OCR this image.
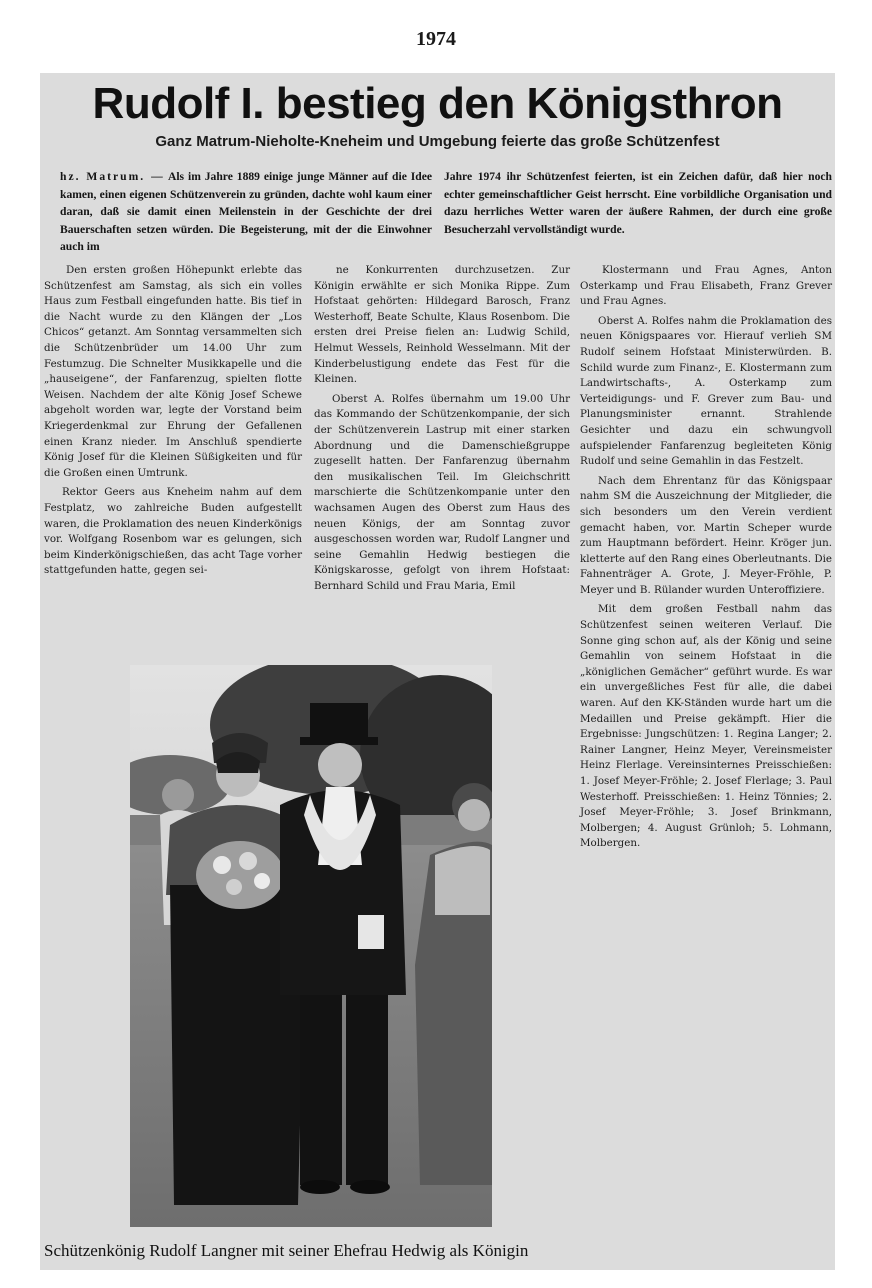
1974
Rudolf I. bestieg den Königsthron
Ganz Matrum-Nieholte-Kneheim und Umgebung feierte das große Schützenfest
hz. Matrum. — Als im Jahre 1889 einige junge Männer auf die Idee kamen, einen eigenen Schützenverein zu gründen, dachte wohl kaum einer daran, daß sie damit einen Meilenstein in der Geschichte der drei Bauerschaften setzen würden. Die Begeisterung, mit der die Einwohner auch im
Jahre 1974 ihr Schützenfest feierten, ist ein Zeichen dafür, daß hier noch echter gemeinschaftlicher Geist herrscht. Eine vorbildliche Organisation und dazu herrliches Wetter waren der äußere Rahmen, der durch eine große Besucherzahl vervollständigt wurde.

Den ersten großen Höhepunkt erlebte das Schützenfest am Samstag, als sich ein volles Haus zum Festball eingefunden hatte. Bis tief in die Nacht wurde zu den Klängen der „Los Chicos“ getanzt. Am Sonntag versammelten sich die Schützenbrüder um 14.00 Uhr zum Festumzug. Die Schnelter Musikkapelle und die „hauseigene“, der Fanfarenzug, spielten flotte Weisen. Nachdem der alte König Josef Schewe abgeholt worden war, legte der Vorstand beim Kriegerdenkmal zur Ehrung der Gefallenen einen Kranz nieder. Im Anschluß spendierte König Josef für die Kleinen Süßigkeiten und für die Großen einen Umtrunk.

Rektor Geers aus Kneheim nahm auf dem Festplatz, wo zahlreiche Buden aufgestellt waren, die Proklamation des neuen Kinderkönigs vor. Wolfgang Rosenbom war es gelungen, sich beim Kinderkönigschießen, das acht Tage vorher stattgefunden hatte, gegen sei-

ne Konkurrenten durchzusetzen. Zur Königin erwählte er sich Monika Rippe. Zum Hofstaat gehörten: Hildegard Barosch, Franz Westerhoff, Beate Schulte, Klaus Rosenbom. Die ersten drei Preise fielen an: Ludwig Schild, Helmut Wessels, Reinhold Wesselmann. Mit der Kinderbelustigung endete das Fest für die Kleinen.

Oberst A. Rolfes übernahm um 19.00 Uhr das Kommando der Schützenkompanie, der sich der Schützenverein Lastrup mit einer starken Abordnung und die Damenschießgruppe zugesellt hatten. Der Fanfarenzug übernahm den musikalischen Teil. Im Gleichschritt marschierte die Schützenkompanie unter den wachsamen Augen des Oberst zum Haus des neuen Königs, der am Sonntag zuvor ausgeschossen worden war, Rudolf Langner und seine Gemahlin Hedwig bestiegen die Königskarosse, gefolgt von ihrem Hofstaat: Bernhard Schild und Frau Maria, Emil

Klostermann und Frau Agnes, Anton Osterkamp und Frau Elisabeth, Franz Grever und Frau Agnes.

Oberst A. Rolfes nahm die Proklamation des neuen Königspaares vor. Hierauf verlieh SM Rudolf seinem Hofstaat Ministerwürden. B. Schild wurde zum Finanz-, E. Klostermann zum Landwirtschafts-, A. Osterkamp zum Verteidigungs- und F. Grever zum Bau- und Planungsminister ernannt. Strahlende Gesichter und dazu ein schwungvoll aufspielender Fanfarenzug begleiteten König Rudolf und seine Gemahlin in das Festzelt.

Nach dem Ehrentanz für das Königspaar nahm SM die Auszeichnung der Mitglieder, die sich besonders um den Verein verdient gemacht haben, vor. Martin Scheper wurde zum Hauptmann befördert. Heinr. Kröger jun. kletterte auf den Rang eines Oberleutnants. Die Fahnenträger A. Grote, J. Meyer-Fröhle, P. Meyer und B. Rülander wurden Unteroffiziere.

Mit dem großen Festball nahm das Schützenfest seinen weiteren Verlauf. Die Sonne ging schon auf, als der König und seine Gemahlin von seinem Hofstaat in die „königlichen Gemächer“ geführt wurde. Es war ein unvergeßliches Fest für alle, die dabei waren. Auf den KK-Ständen wurde hart um die Medaillen und Preise gekämpft. Hier die Ergebnisse: Jungschützen: 1. Regina Langer; 2. Rainer Langner, Heinz Meyer, Vereinsmeister Heinz Flerlage. Vereinsinternes Preisschießen: 1. Josef Meyer-Fröhle; 2. Josef Flerlage; 3. Paul Westerhoff. Preisschießen: 1. Heinz Tönnies; 2. Josef Meyer-Fröhle; 3. Josef Brinkmann, Molbergen; 4. August Grünloh; 5. Lohmann, Molbergen.

Schützenkönig Rudolf Langner mit seiner Ehefrau Hedwig als Königin
